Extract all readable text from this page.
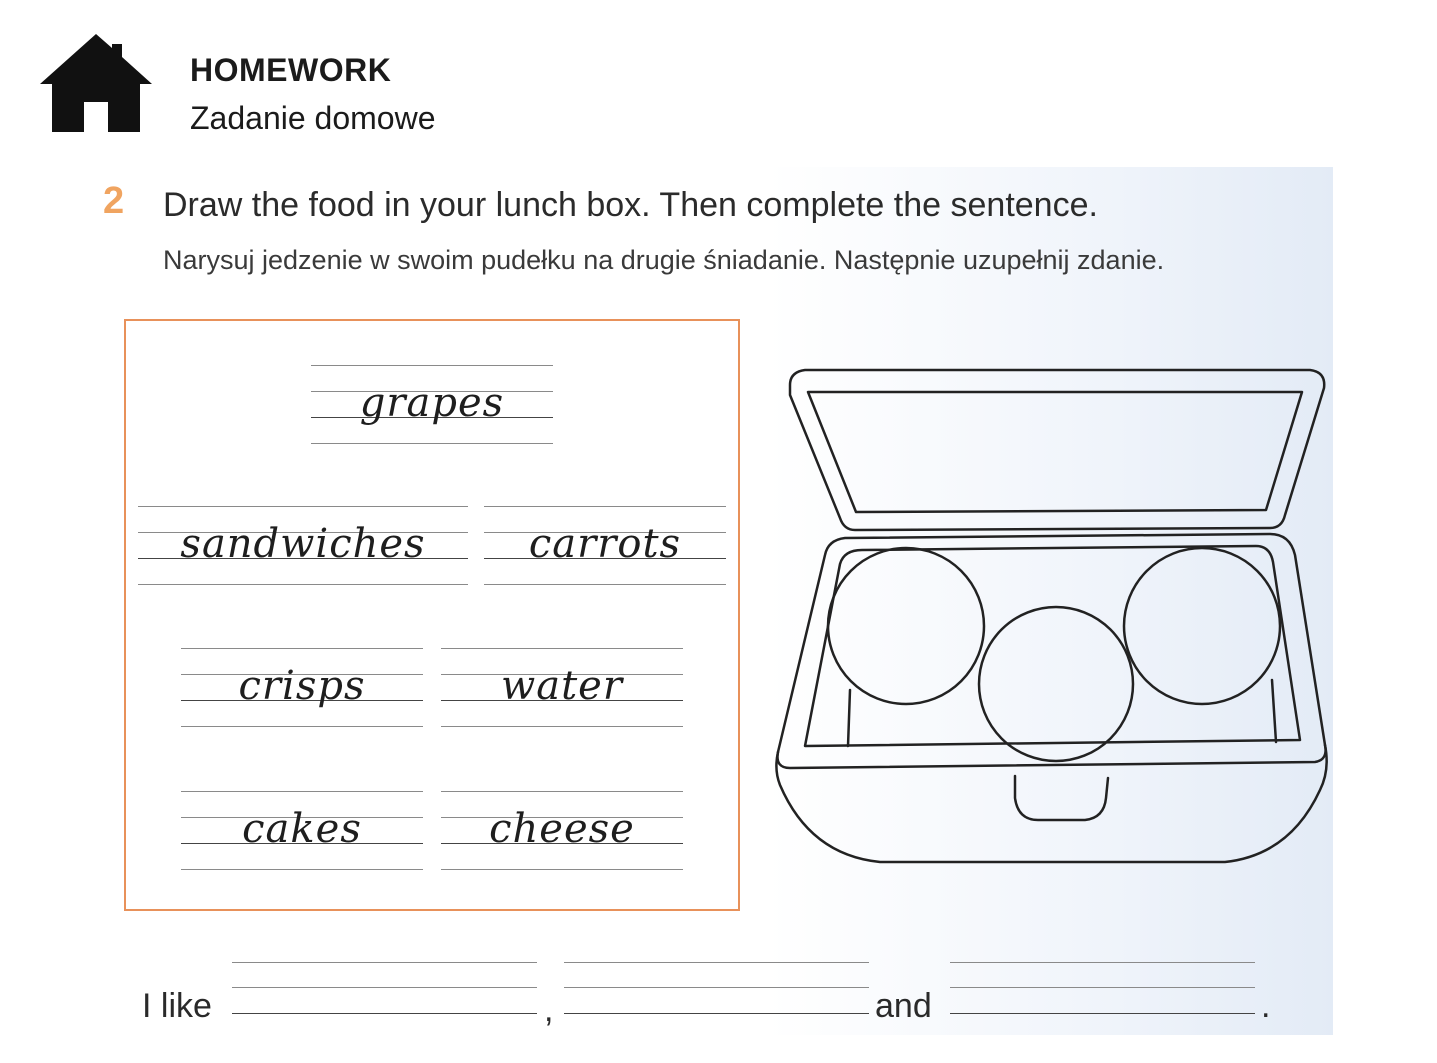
HOMEWORK
Zadanie domowe
2 Draw the food in your lunch box. Then complete the sentence.
Narysuj jedzenie w swoim pudełku na drugie śniadanie. Następnie uzupełnij zdanie.
grapes
sandwiches	carrots
crisps	water
cakes	cheese
I like	,	and	.
